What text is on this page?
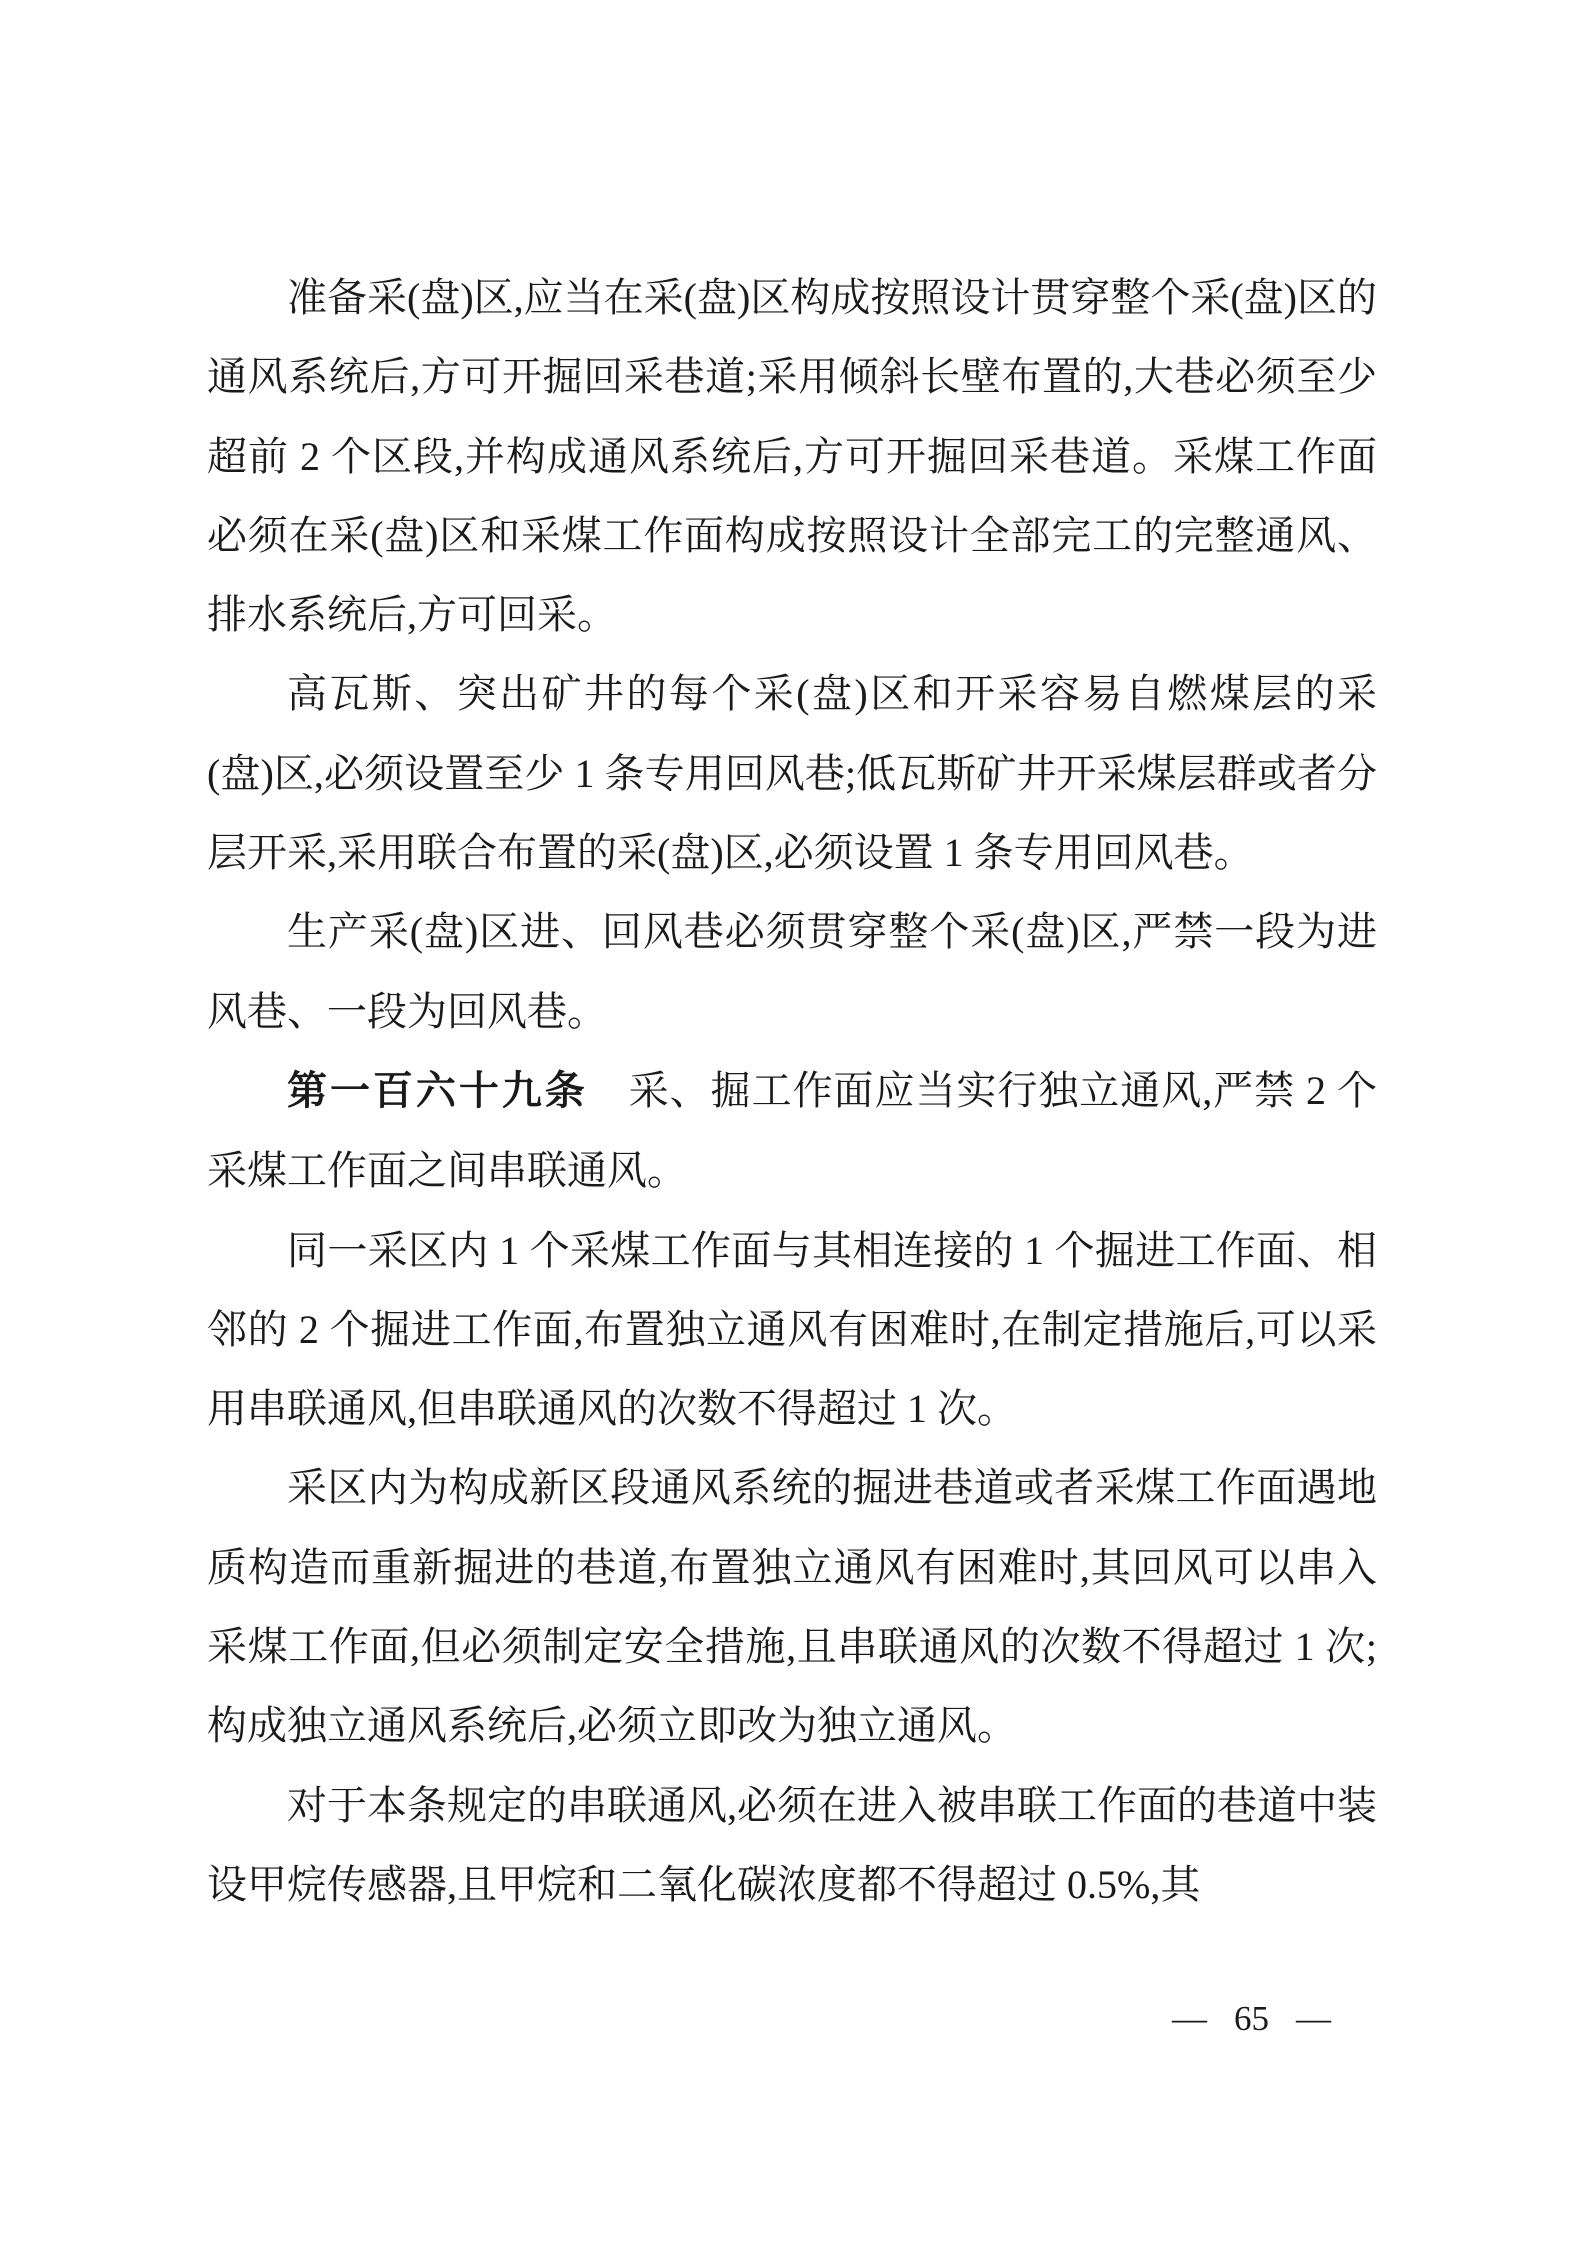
准备采(盘)区,应当在采(盘)区构成按照设计贯穿整个采(盘)区的通风系统后,方可开掘回采巷道;采用倾斜长壁布置的,大巷必须至少超前 2 个区段,并构成通风系统后,方可开掘回采巷道。采煤工作面必须在采(盘)区和采煤工作面构成按照设计全部完工的完整通风、排水系统后,方可回采。

高瓦斯、突出矿井的每个采(盘)区和开采容易自燃煤层的采(盘)区,必须设置至少 1 条专用回风巷;低瓦斯矿井开采煤层群或者分层开采,采用联合布置的采(盘)区,必须设置 1 条专用回风巷。

生产采(盘)区进、回风巷必须贯穿整个采(盘)区,严禁一段为进风巷、一段为回风巷。

第一百六十九条　采、掘工作面应当实行独立通风,严禁 2 个采煤工作面之间串联通风。

同一采区内 1 个采煤工作面与其相连接的 1 个掘进工作面、相邻的 2 个掘进工作面,布置独立通风有困难时,在制定措施后,可以采用串联通风,但串联通风的次数不得超过 1 次。

采区内为构成新区段通风系统的掘进巷道或者采煤工作面遇地质构造而重新掘进的巷道,布置独立通风有困难时,其回风可以串入采煤工作面,但必须制定安全措施,且串联通风的次数不得超过 1 次;构成独立通风系统后,必须立即改为独立通风。

对于本条规定的串联通风,必须在进入被串联工作面的巷道中装设甲烷传感器,且甲烷和二氧化碳浓度都不得超过 0.5%,其

— 65 —
